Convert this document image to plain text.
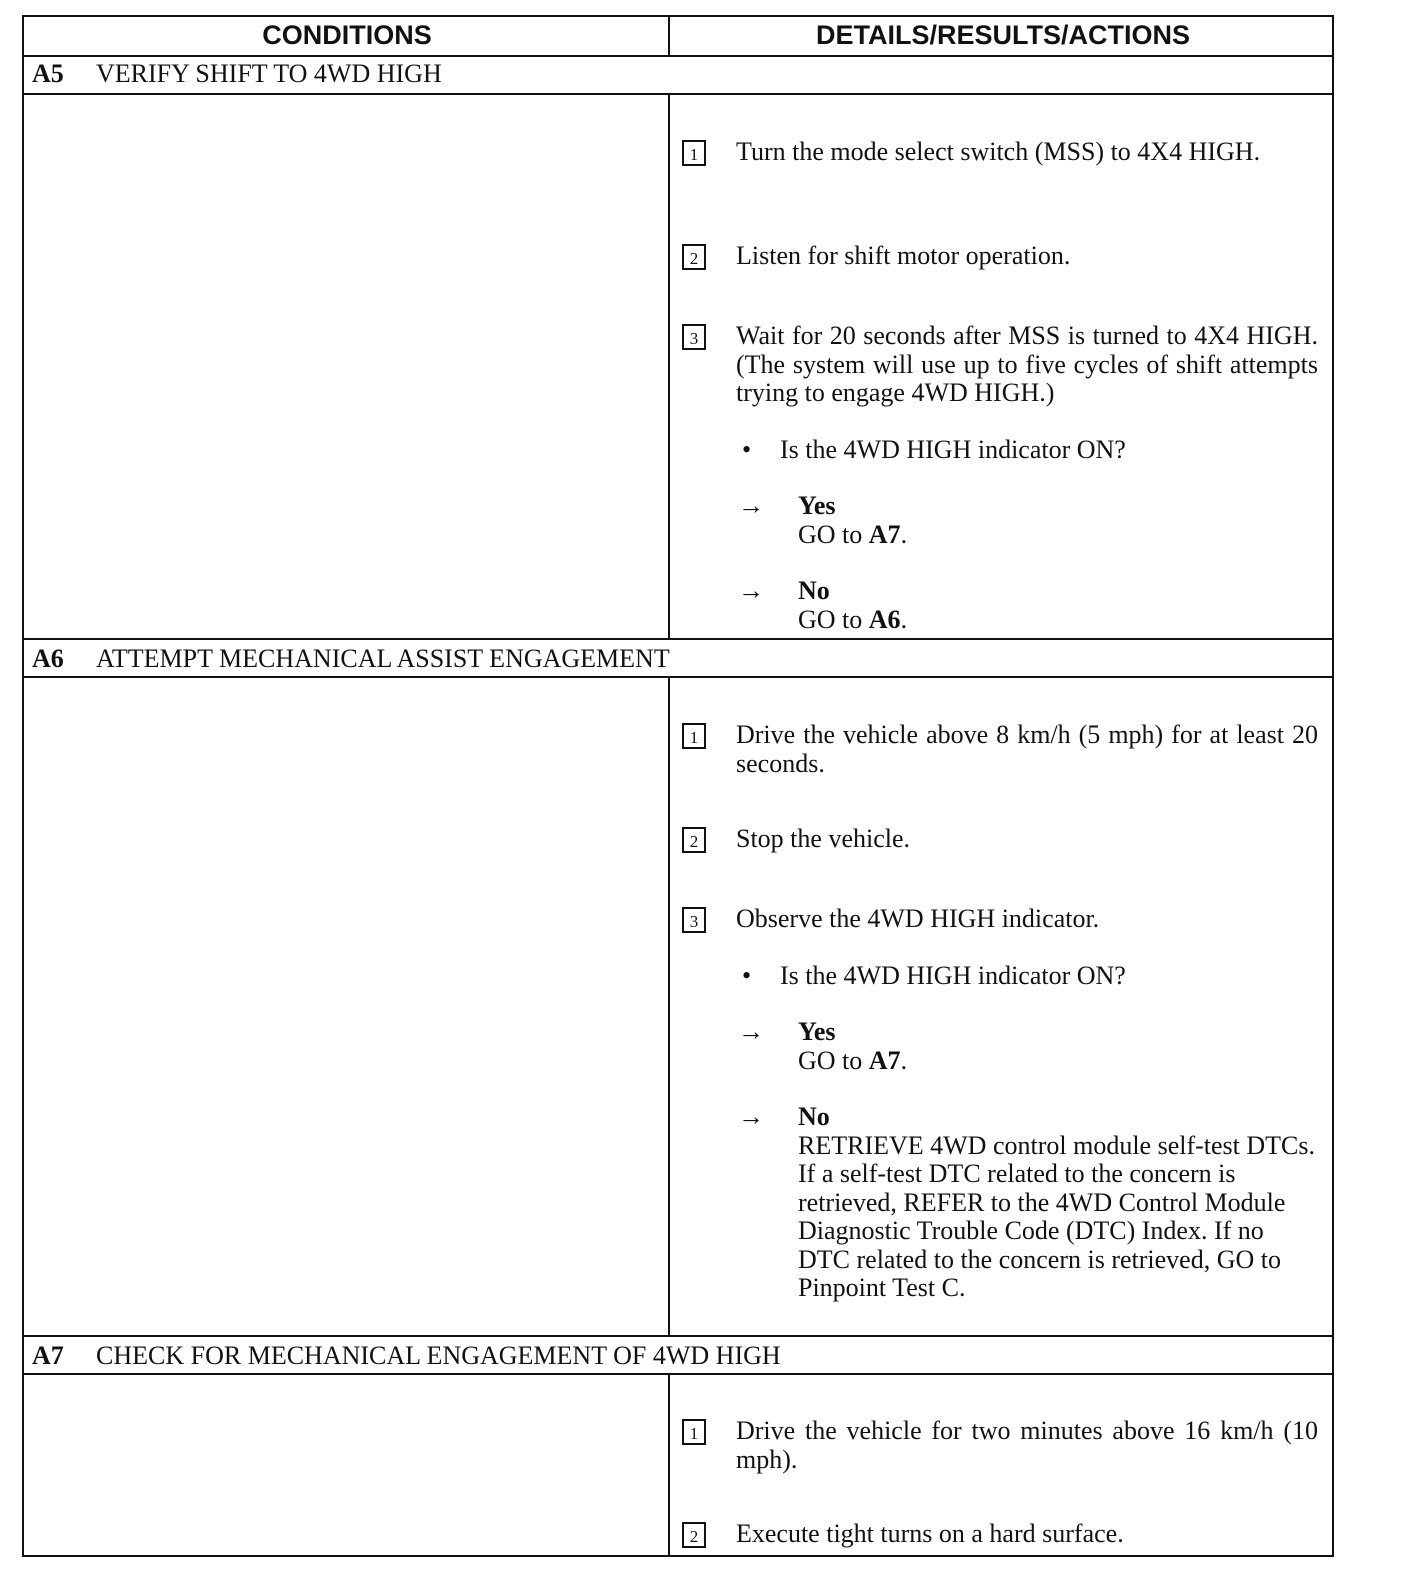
CONDITIONS	DETAILS/RESULTS/ACTIONS
A5 VERIFY SHIFT TO 4WD HIGH
1 Turn the mode select switch (MSS) to 4X4 HIGH.
2 Listen for shift motor operation.
3 Wait for 20 seconds after MSS is turned to 4X4 HIGH. (The system will use up to five cycles of shift attempts trying to engage 4WD HIGH.)
• Is the 4WD HIGH indicator ON?
→ Yes
GO to A7.
→ No
GO to A6.
A6 ATTEMPT MECHANICAL ASSIST ENGAGEMENT
1 Drive the vehicle above 8 km/h (5 mph) for at least 20 seconds.
2 Stop the vehicle.
3 Observe the 4WD HIGH indicator.
• Is the 4WD HIGH indicator ON?
→ Yes
GO to A7.
→ No
RETRIEVE 4WD control module self-test DTCs. If a self-test DTC related to the concern is retrieved, REFER to the 4WD Control Module Diagnostic Trouble Code (DTC) Index. If no DTC related to the concern is retrieved, GO to Pinpoint Test C.
A7 CHECK FOR MECHANICAL ENGAGEMENT OF 4WD HIGH
1 Drive the vehicle for two minutes above 16 km/h (10 mph).
2 Execute tight turns on a hard surface.
